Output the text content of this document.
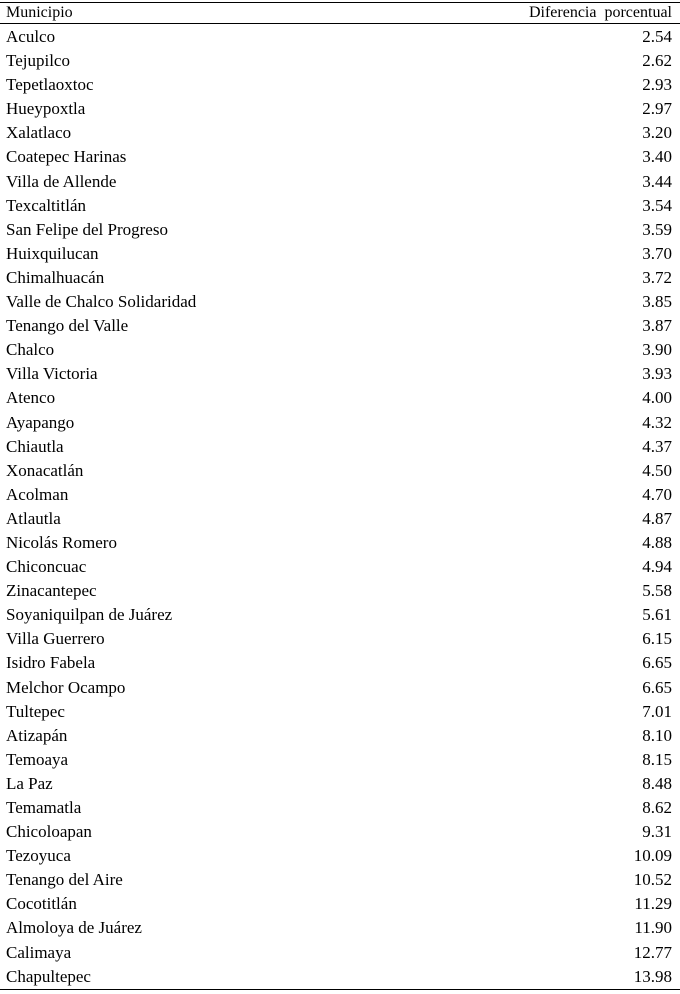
Municipio	Diferencia porcentual
Aculco	2.54
Tejupilco	2.62
Tepetlaoxtoc	2.93
Hueypoxtla	2.97
Xalatlaco	3.20
Coatepec Harinas	3.40
Villa de Allende	3.44
Texcaltitlán	3.54
San Felipe del Progreso	3.59
Huixquilucan	3.70
Chimalhuacán	3.72
Valle de Chalco Solidaridad	3.85
Tenango del Valle	3.87
Chalco	3.90
Villa Victoria	3.93
Atenco	4.00
Ayapango	4.32
Chiautla	4.37
Xonacatlán	4.50
Acolman	4.70
Atlautla	4.87
Nicolás Romero	4.88
Chiconcuac	4.94
Zinacantepec	5.58
Soyaniquilpan de Juárez	5.61
Villa Guerrero	6.15
Isidro Fabela	6.65
Melchor Ocampo	6.65
Tultepec	7.01
Atizapán	8.10
Temoaya	8.15
La Paz	8.48
Temamatla	8.62
Chicoloapan	9.31
Tezoyuca	10.09
Tenango del Aire	10.52
Cocotitlán	11.29
Almoloya de Juárez	11.90
Calimaya	12.77
Chapultepec	13.98
